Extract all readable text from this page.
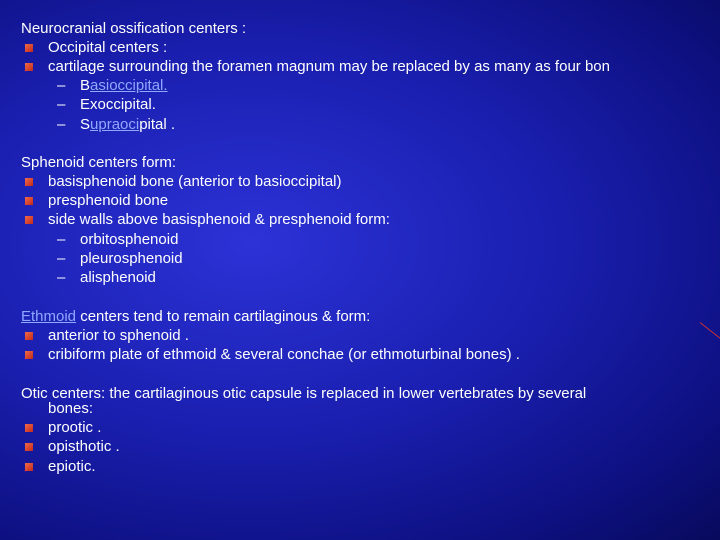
Neurocranial ossification centers :
Occipital centers :
cartilage surrounding the foramen magnum may be replaced by as many as four bon
– Basioccipital.
– Exoccipital.
– Supraocipital .
Sphenoid centers form:
basisphenoid bone (anterior to basioccipital)
presphenoid bone
side walls above basisphenoid & presphenoid form:
– orbitosphenoid
– pleurosphenoid
– alisphenoid
Ethmoid centers tend to remain cartilaginous & form:
anterior to sphenoid .
cribiform plate of ethmoid & several conchae (or ethmoturbinal bones) .
Otic centers: the cartilaginous otic capsule is replaced in lower vertebrates by several
bones:
prootic .
opisthotic .
epiotic.
